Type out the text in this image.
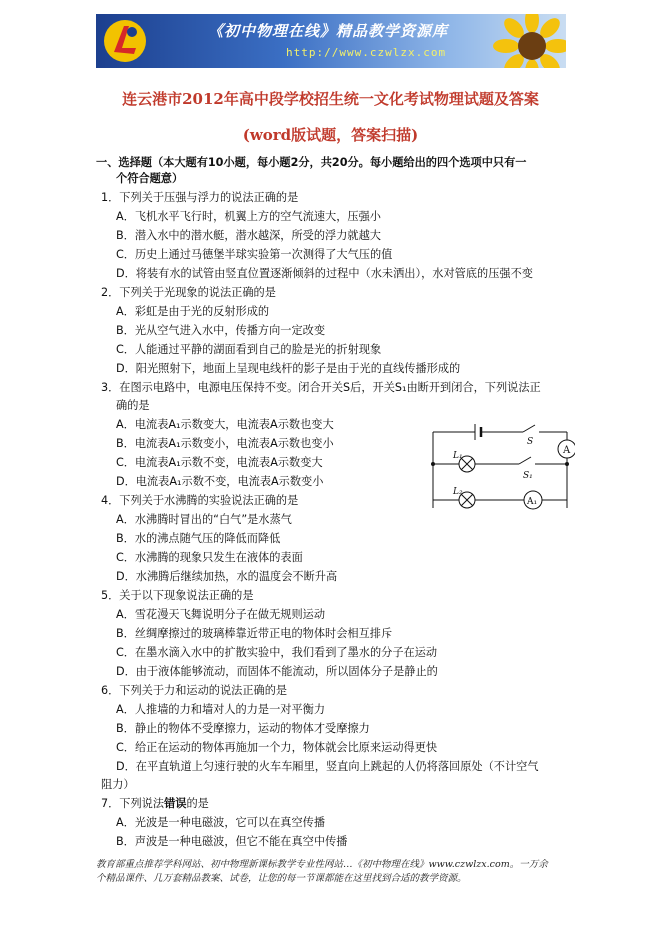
《初中物理在线》精品教学资源库
http://www.czwlzx.com
连云港市2012年高中段学校招生统一文化考试物理试题及答案
(word版试题，答案扫描)
一、选择题（本大题有10小题，每小题2分，共20分。每小题给出的四个选项中只有一
个符合题意）
1．下列关于压强与浮力的说法正确的是
A．飞机水平飞行时，机翼上方的空气流速大，压强小
B．潜入水中的潜水艇，潜水越深，所受的浮力就越大
C．历史上通过马德堡半球实验第一次测得了大气压的值
D．将装有水的试管由竖直位置逐渐倾斜的过程中（水未洒出），水对管底的压强不变
2．下列关于光现象的说法正确的是
A．彩虹是由于光的反射形成的
B．光从空气进入水中，传播方向一定改变
C．人能通过平静的湖面看到自己的脸是光的折射现象
D．阳光照射下，地面上呈现电线杆的影子是由于光的直线传播形成的
3．在图示电路中，电源电压保持不变。闭合开关S后，开关S₁由断开到闭合，下列说法正
确的是
A．电流表A₁示数变大，电流表A示数也变大
B．电流表A₁示数变小，电流表A示数也变小
C．电流表A₁示数不变，电流表A示数变大
D．电流表A₁示数不变，电流表A示数变小
S
A
L₁
S₁
L₂
A₁
4．下列关于水沸腾的实验说法正确的是
A．水沸腾时冒出的“白气”是水蒸气
B．水的沸点随气压的降低而降低
C．水沸腾的现象只发生在液体的表面
D．水沸腾后继续加热，水的温度会不断升高
5．关于以下现象说法正确的是
A．雪花漫天飞舞说明分子在做无规则运动
B．丝绸摩擦过的玻璃棒靠近带正电的物体时会相互排斥
C．在墨水滴入水中的扩散实验中，我们看到了墨水的分子在运动
D．由于液体能够流动，而固体不能流动，所以固体分子是静止的
6．下列关于力和运动的说法正确的是
A．人推墙的力和墙对人的力是一对平衡力
B．静止的物体不受摩擦力，运动的物体才受摩擦力
C．给正在运动的物体再施加一个力，物体就会比原来运动得更快
D．在平直轨道上匀速行驶的火车车厢里，竖直向上跳起的人仍将落回原处（不计空气
阻力）
7．下列说法错误的是
A．光波是一种电磁波，它可以在真空传播
B．声波是一种电磁波，但它不能在真空中传播
教育部重点推荐学科网站、初中物理新课标教学专业性网站…《初中物理在线》www.czwlzx.com。一万余
个精品课件、几万套精品教案、试卷，让您的每一节课都能在这里找到合适的教学资源。
